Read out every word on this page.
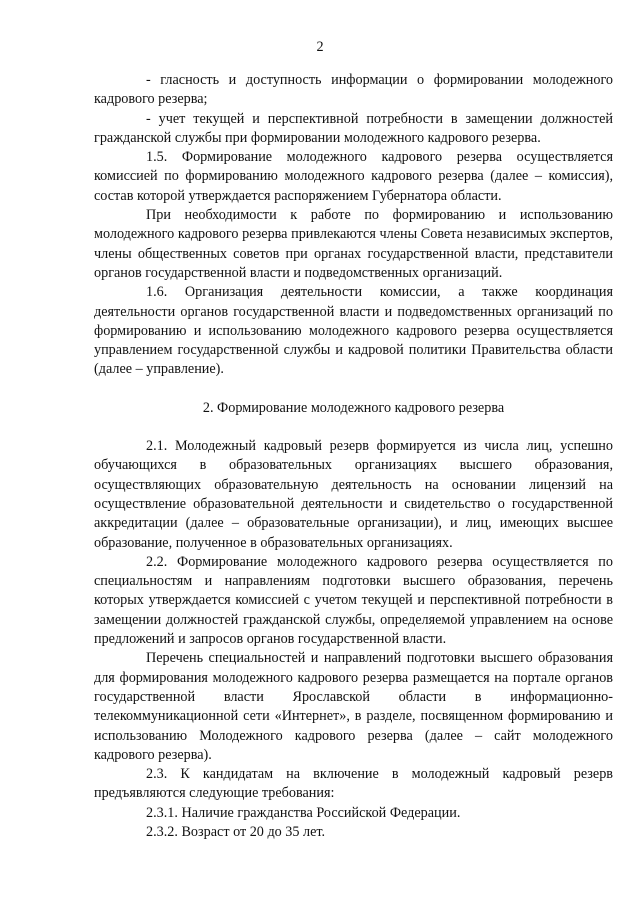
2

- гласность и доступность информации о формировании молодежного кадрового резерва;

- учет текущей и перспективной потребности в замещении должностей гражданской службы при формировании молодежного кадрового резерва.

1.5. Формирование молодежного кадрового резерва осуществляется комиссией по формированию молодежного кадрового резерва (далее – комиссия), состав которой утверждается распоряжением Губернатора области.

При необходимости к работе по формированию и использованию молодежного кадрового резерва привлекаются члены Совета независимых экспертов, члены общественных советов при органах государственной власти, представители органов государственной власти и подведомственных организаций.

1.6. Организация деятельности комиссии, а также координация деятельности органов государственной власти и подведомственных организаций по формированию и использованию молодежного кадрового резерва осуществляется управлением государственной службы и кадровой политики Правительства области (далее – управление).

2. Формирование молодежного кадрового резерва

2.1. Молодежный кадровый резерв формируется из числа лиц, успешно обучающихся в образовательных организациях высшего образования, осуществляющих образовательную деятельность на основании лицензий на осуществление образовательной деятельности и свидетельство о государственной аккредитации (далее – образовательные организации), и лиц, имеющих высшее образование, полученное в образовательных организациях.

2.2. Формирование молодежного кадрового резерва осуществляется по специальностям и направлениям подготовки высшего образования, перечень которых утверждается комиссией с учетом текущей и перспективной потребности в замещении должностей гражданской службы, определяемой управлением на основе предложений и запросов органов государственной власти.

Перечень специальностей и направлений подготовки высшего образования для формирования молодежного кадрового резерва размещается на портале органов государственной власти Ярославской области в информационно-телекоммуникационной сети «Интернет», в разделе, посвященном формированию и использованию Молодежного кадрового резерва (далее – сайт молодежного кадрового резерва).

2.3. К кандидатам на включение в молодежный кадровый резерв предъявляются следующие требования:

2.3.1. Наличие гражданства Российской Федерации.

2.3.2. Возраст от 20 до 35 лет.
